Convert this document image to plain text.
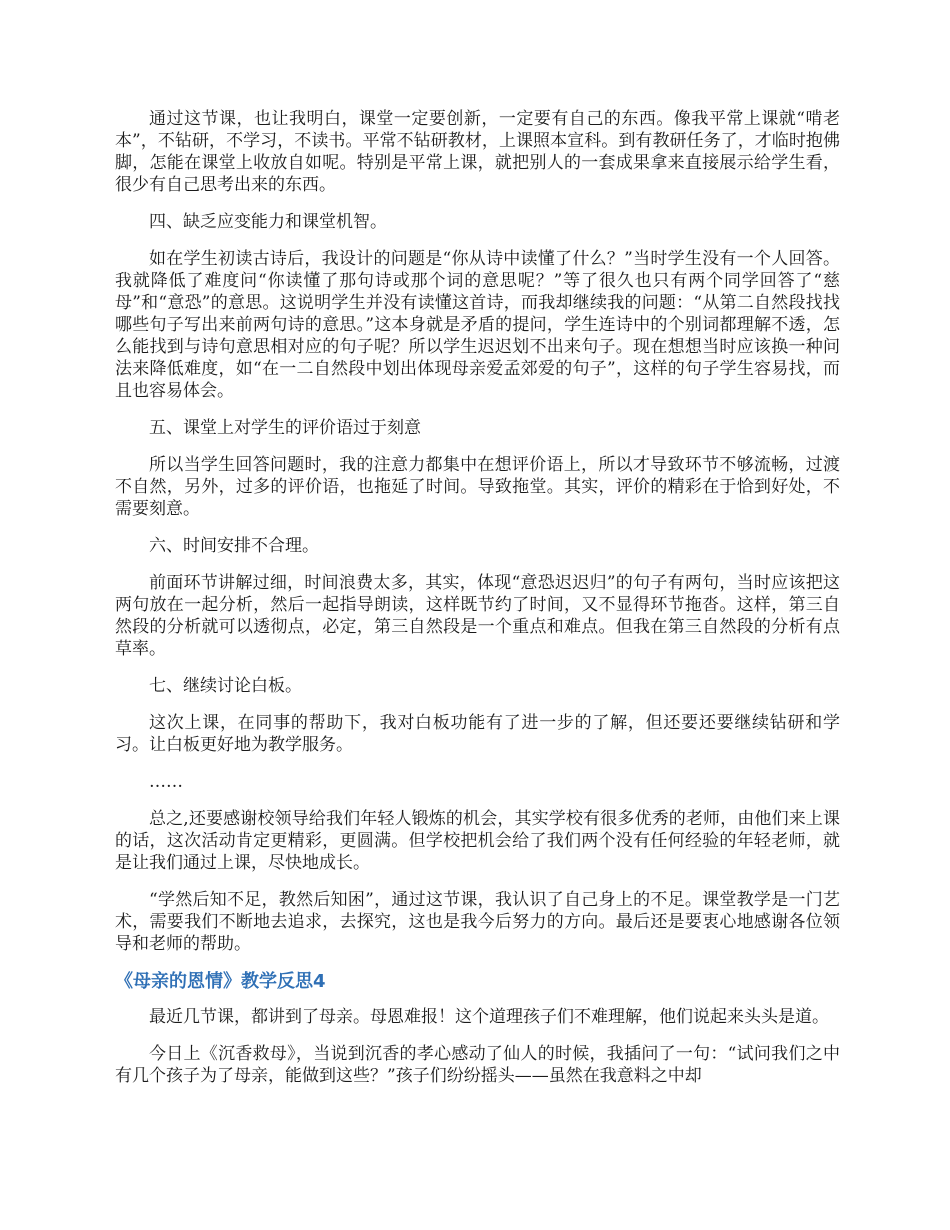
通过这节课，也让我明白，课堂一定要创新，一定要有自己的东西。像我平常上课就“啃老本”，不钻研，不学习，不读书。平常不钻研教材，上课照本宣科。到有教研任务了，才临时抱佛脚，怎能在课堂上收放自如呢。特别是平常上课，就把别人的一套成果拿来直接展示给学生看，很少有自己思考出来的东西。

四、缺乏应变能力和课堂机智。

如在学生初读古诗后，我设计的问题是“你从诗中读懂了什么？”当时学生没有一个人回答。我就降低了难度问“你读懂了那句诗或那个词的意思呢？”等了很久也只有两个同学回答了“慈母”和“意恐”的意思。这说明学生并没有读懂这首诗，而我却继续我的问题：“从第二自然段找找哪些句子写出来前两句诗的意思。”这本身就是矛盾的提问，学生连诗中的个别词都理解不透，怎么能找到与诗句意思相对应的句子呢？所以学生迟迟划不出来句子。现在想想当时应该换一种问法来降低难度，如“在一二自然段中划出体现母亲爱孟郊爱的句子”，这样的句子学生容易找，而且也容易体会。

五、课堂上对学生的评价语过于刻意

所以当学生回答问题时，我的注意力都集中在想评价语上，所以才导致环节不够流畅，过渡不自然，另外，过多的评价语，也拖延了时间。导致拖堂。其实，评价的精彩在于恰到好处，不需要刻意。

六、时间安排不合理。

前面环节讲解过细，时间浪费太多，其实，体现“意恐迟迟归”的句子有两句，当时应该把这两句放在一起分析，然后一起指导朗读，这样既节约了时间，又不显得环节拖沓。这样，第三自然段的分析就可以透彻点，必定，第三自然段是一个重点和难点。但我在第三自然段的分析有点草率。

七、继续讨论白板。

这次上课，在同事的帮助下，我对白板功能有了进一步的了解，但还要还要继续钻研和学习。让白板更好地为教学服务。

……

总之,还要感谢校领导给我们年轻人锻炼的机会，其实学校有很多优秀的老师，由他们来上课的话，这次活动肯定更精彩，更圆满。但学校把机会给了我们两个没有任何经验的年轻老师，就是让我们通过上课，尽快地成长。

“学然后知不足，教然后知困”，通过这节课，我认识了自己身上的不足。课堂教学是一门艺术，需要我们不断地去追求，去探究，这也是我今后努力的方向。最后还是要衷心地感谢各位领导和老师的帮助。

《母亲的恩情》教学反思4

最近几节课，都讲到了母亲。母恩难报！这个道理孩子们不难理解，他们说起来头头是道。

今日上《沉香救母》，当说到沉香的孝心感动了仙人的时候，我插问了一句：“试问我们之中有几个孩子为了母亲，能做到这些？”孩子们纷纷摇头——虽然在我意料之中却
